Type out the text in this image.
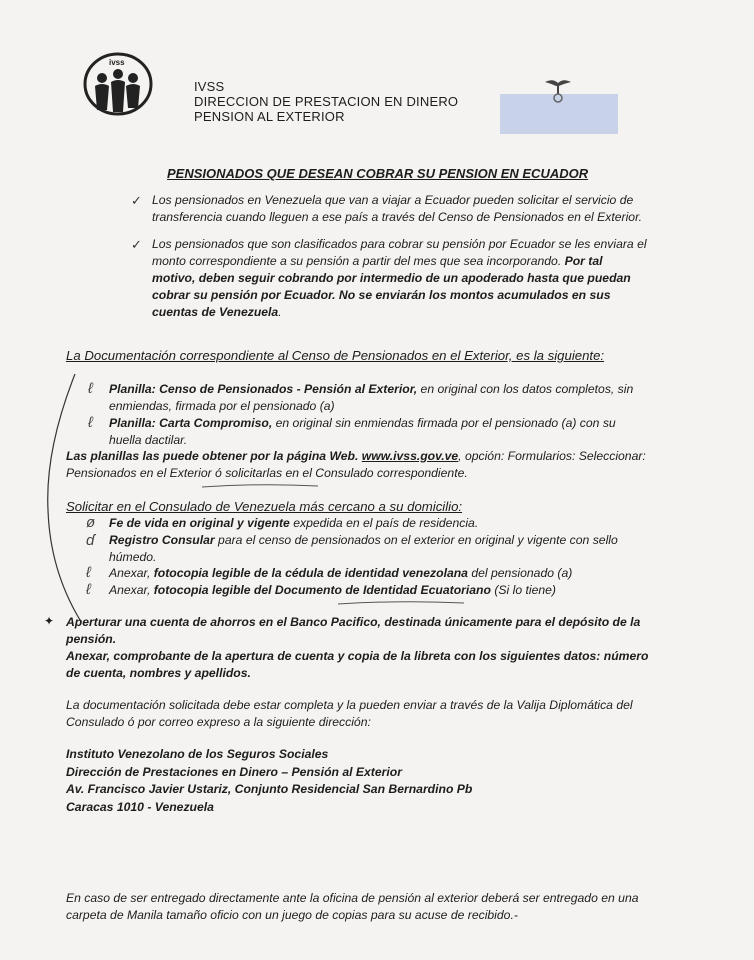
ivss
IVSS
DIRECCION DE PRESTACION EN DINERO
PENSION AL EXTERIOR
PENSIONADOS QUE DESEAN COBRAR SU PENSION EN ECUADOR
✓ Los pensionados en Venezuela que van a viajar a Ecuador pueden solicitar el servicio de transferencia cuando lleguen a ese país a través del Censo de Pensionados en el Exterior.

✓ Los pensionados que son clasificados para cobrar su pensión por Ecuador se les enviara el monto correspondiente a su pensión a partir del mes que sea incorporando. Por tal motivo, deben seguir cobrando por intermedio de un apoderado hasta que puedan cobrar su pensión por Ecuador. No se enviarán los montos acumulados en sus cuentas de Venezuela.

La Documentación correspondiente al Censo de Pensionados en el Exterior, es la siguiente:
ℓ Planilla: Censo de Pensionados - Pensión al Exterior, en original con los datos completos, sin enmiendas, firmada por el pensionado (a)

ℓ Planilla: Carta Compromiso, en original sin enmiendas firmada por el pensionado (a) con su huella dactilar.

Las planillas las puede obtener por la página Web. www.ivss.gov.ve, opción: Formularios: Seleccionar: Pensionados en el Exterior ó solicitarlas en el Consulado correspondiente.

Solicitar en el Consulado de Venezuela más cercano a su domicilio:
ø Fe de vida en original y vigente expedida en el país de residencia.

ɗ Registro Consular para el censo de pensionados on el exterior en original y vigente con sello húmedo.

ℓ Anexar, fotocopia legible de la cédula de identidad venezolana del pensionado (a)

ℓ Anexar, fotocopia legible del Documento de Identidad Ecuatoriano (Si lo tiene)

✦ Aperturar una cuenta de ahorros en el Banco Pacifico, destinada únicamente para el depósito de la pensión.

Anexar, comprobante de la apertura de cuenta y copia de la libreta con los siguientes datos: número de cuenta, nombres y apellidos.

La documentación solicitada debe estar completa y la pueden enviar a través de la Valija Diplomática del Consulado ó por correo expreso a la siguiente dirección:

Instituto Venezolano de los Seguros Sociales
Dirección de Prestaciones en Dinero – Pensión al Exterior
Av. Francisco Javier Ustariz, Conjunto Residencial San Bernardino Pb
Caracas 1010 - Venezuela

En caso de ser entregado directamente ante la oficina de pensión al exterior deberá ser entregado en una carpeta de Manila tamaño oficio con un juego de copias para su acuse de recibido.-
